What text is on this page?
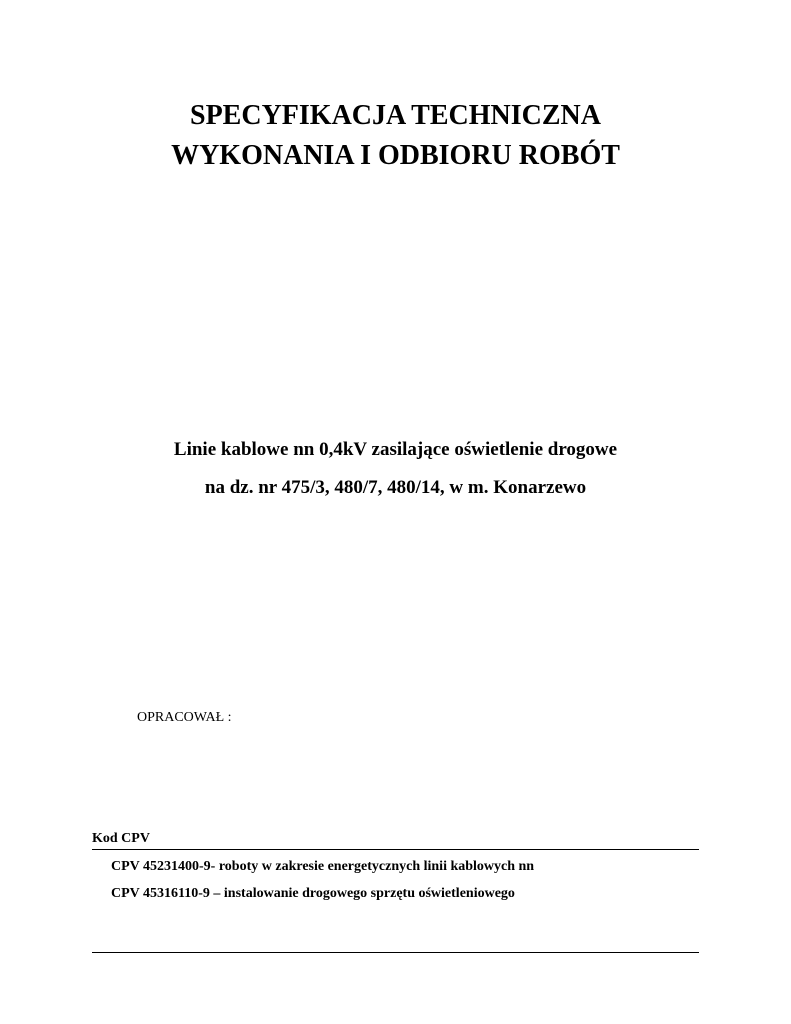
SPECYFIKACJA TECHNICZNA
WYKONANIA I ODBIORU ROBÓT
Linie kablowe nn 0,4kV zasilające oświetlenie drogowe
na dz. nr 475/3, 480/7, 480/14, w m. Konarzewo
OPRACOWAŁ :
Kod CPV
CPV 45231400-9- roboty w zakresie energetycznych linii kablowych nn
CPV 45316110-9 – instalowanie drogowego sprzętu oświetleniowego
